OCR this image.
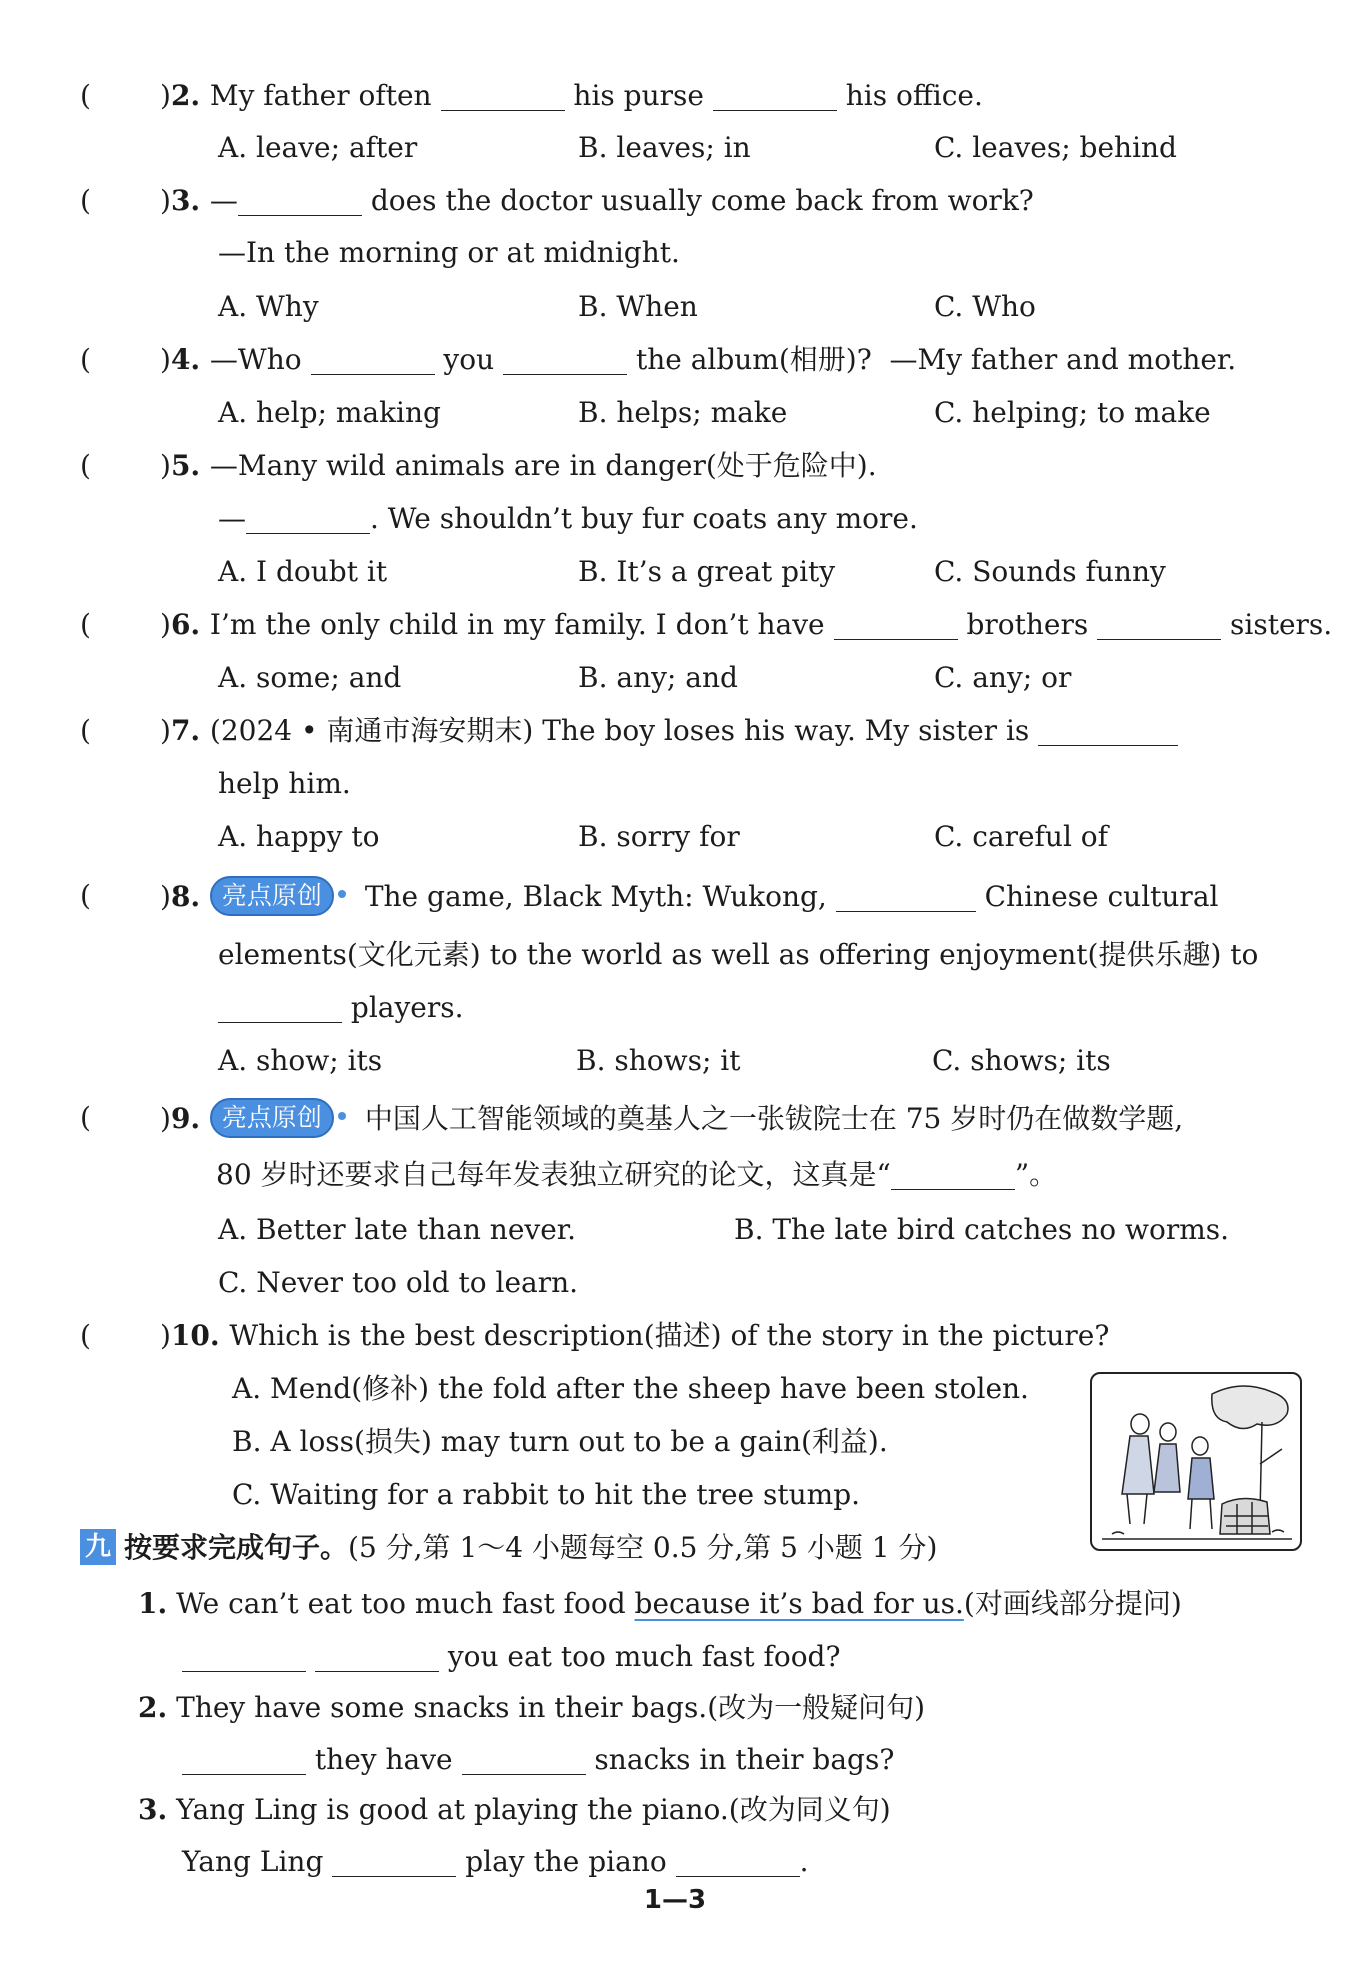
( )2. My father often	his purse	his office.
A. leave; after	B. leaves; in	C. leaves; behind
( )3. —	does the doctor usually come back from work?
—In the morning or at midnight.
A. Why	B. When	C. Who
( )4. —Who	you	the album(相册)? —My father and mother.
A. help; making	B. helps; make	C. helping; to make
( )5. —Many wild animals are in danger(处于危险中).
—	. We shouldn’t buy fur coats any more.
A. I doubt it	B. It’s a great pity	C. Sounds funny
( )6. I’m the only child in my family. I don’t have	brothers	sisters.
A. some; and	B. any; and	C. any; or
( )7. (2024 • 南通市海安期末) The boy loses his way. My sister is
help him.
A. happy to	B. sorry for	C. careful of
( )8. 亮点原创 The game, Black Myth: Wukong,	Chinese cultural
elements(文化元素) to the world as well as offering enjoyment(提供乐趣) to
players.
A. show; its	B. shows; it	C. shows; its
( )9. 亮点原创 中国人工智能领域的奠基人之一张钹院士在 75 岁时仍在做数学题,
80 岁时还要求自己每年发表独立研究的论文，这真是“	”。
A. Better late than never.	B. The late bird catches no worms.
C. Never too old to learn.
( )10. Which is the best description(描述) of the story in the picture?
A. Mend(修补) the fold after the sheep have been stolen.
B. A loss(损失) may turn out to be a gain(利益).
C. Waiting for a rabbit to hit the tree stump.
九 按要求完成句子。(5 分,第 1～4 小题每空 0.5 分,第 5 小题 1 分)
1. We can’t eat too much fast food because it’s bad for us.(对画线部分提问)
you eat too much fast food?
2. They have some snacks in their bags.(改为一般疑问句)
they have	snacks in their bags?
3. Yang Ling is good at playing the piano.(改为同义句)
Yang Ling	play the piano	.
1—3
